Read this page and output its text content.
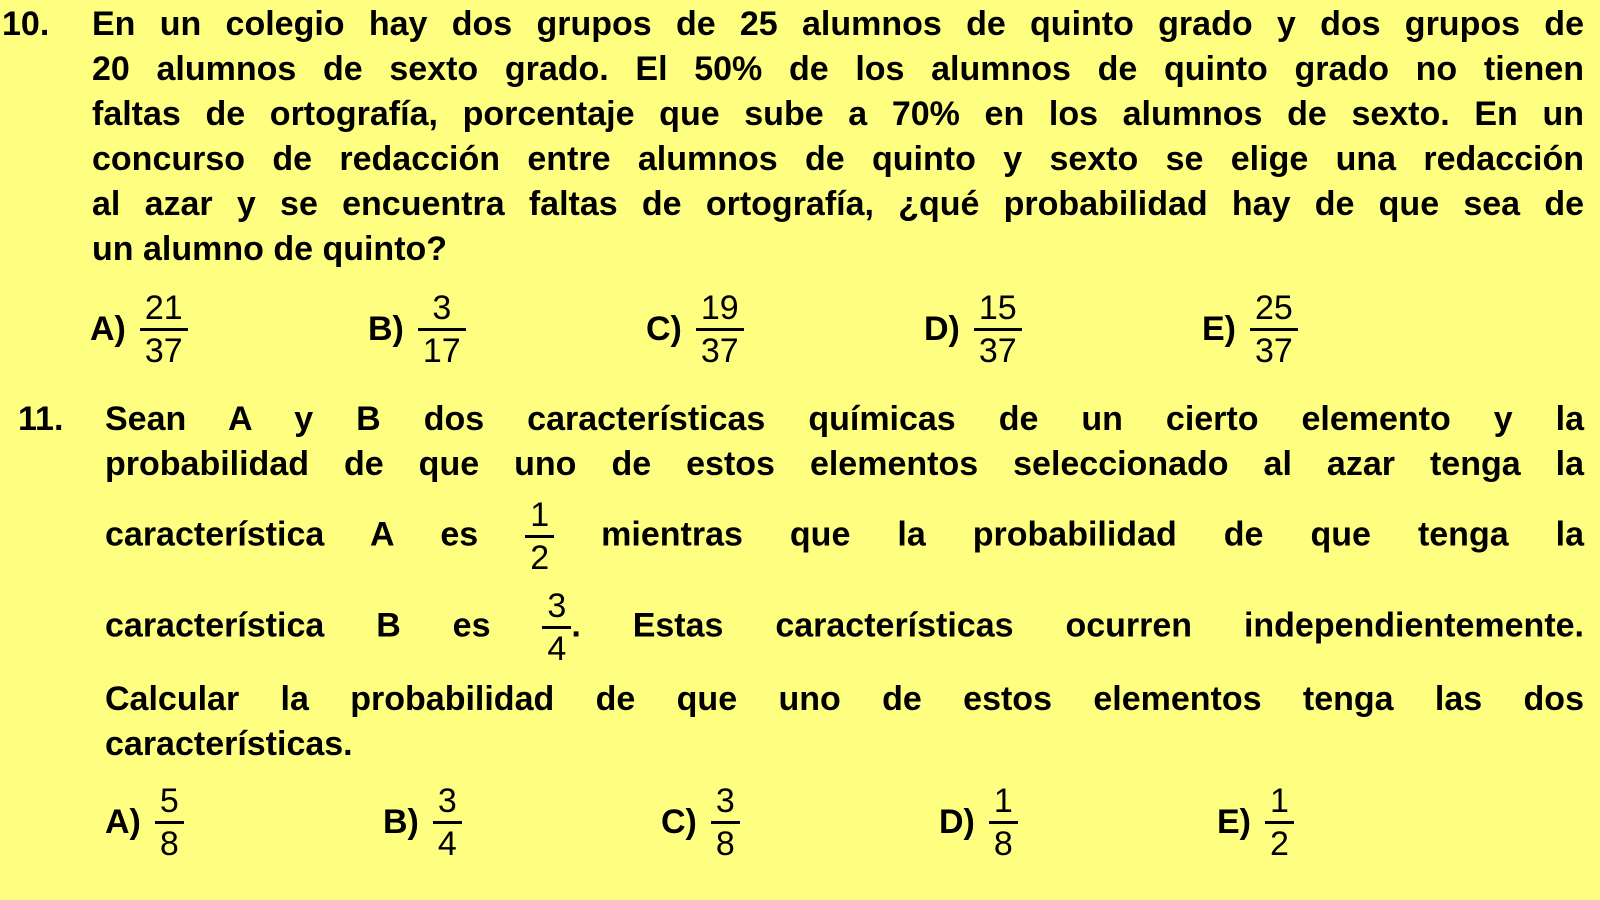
10.	En un colegio hay dos grupos de 25 alumnos de quinto grado y dos grupos de
20 alumnos de sexto grado. El 50% de los alumnos de quinto grado no tienen
faltas de ortografía, porcentaje que sube a 70% en los alumnos de sexto. En un
concurso de redacción entre alumnos de quinto y sexto se elige una redacción
al azar y se encuentra faltas de ortografía, ¿qué probabilidad hay de que sea de
un alumno de quinto?
$A) \frac{21}{37}$	$B) \frac{3}{17}$	$C) \frac{19}{37}$	$D) \frac{15}{37}$	$E) \frac{25}{37}$
11.	Sean A y B dos características químicas de un cierto elemento y la
probabilidad de que uno de estos elementos seleccionado al azar tenga la
característica A es $\frac{1}{2}$ mientras que la probabilidad de que tenga la
característica B es $\frac{3}{4}$ . Estas características ocurren independientemente.
Calcular la probabilidad de que uno de estos elementos tenga las dos
características.
$A) \frac{5}{8}$	$B) \frac{3}{4}$	$C) \frac{3}{8}$	$D) \frac{1}{8}$	$E) \frac{1}{2}$
